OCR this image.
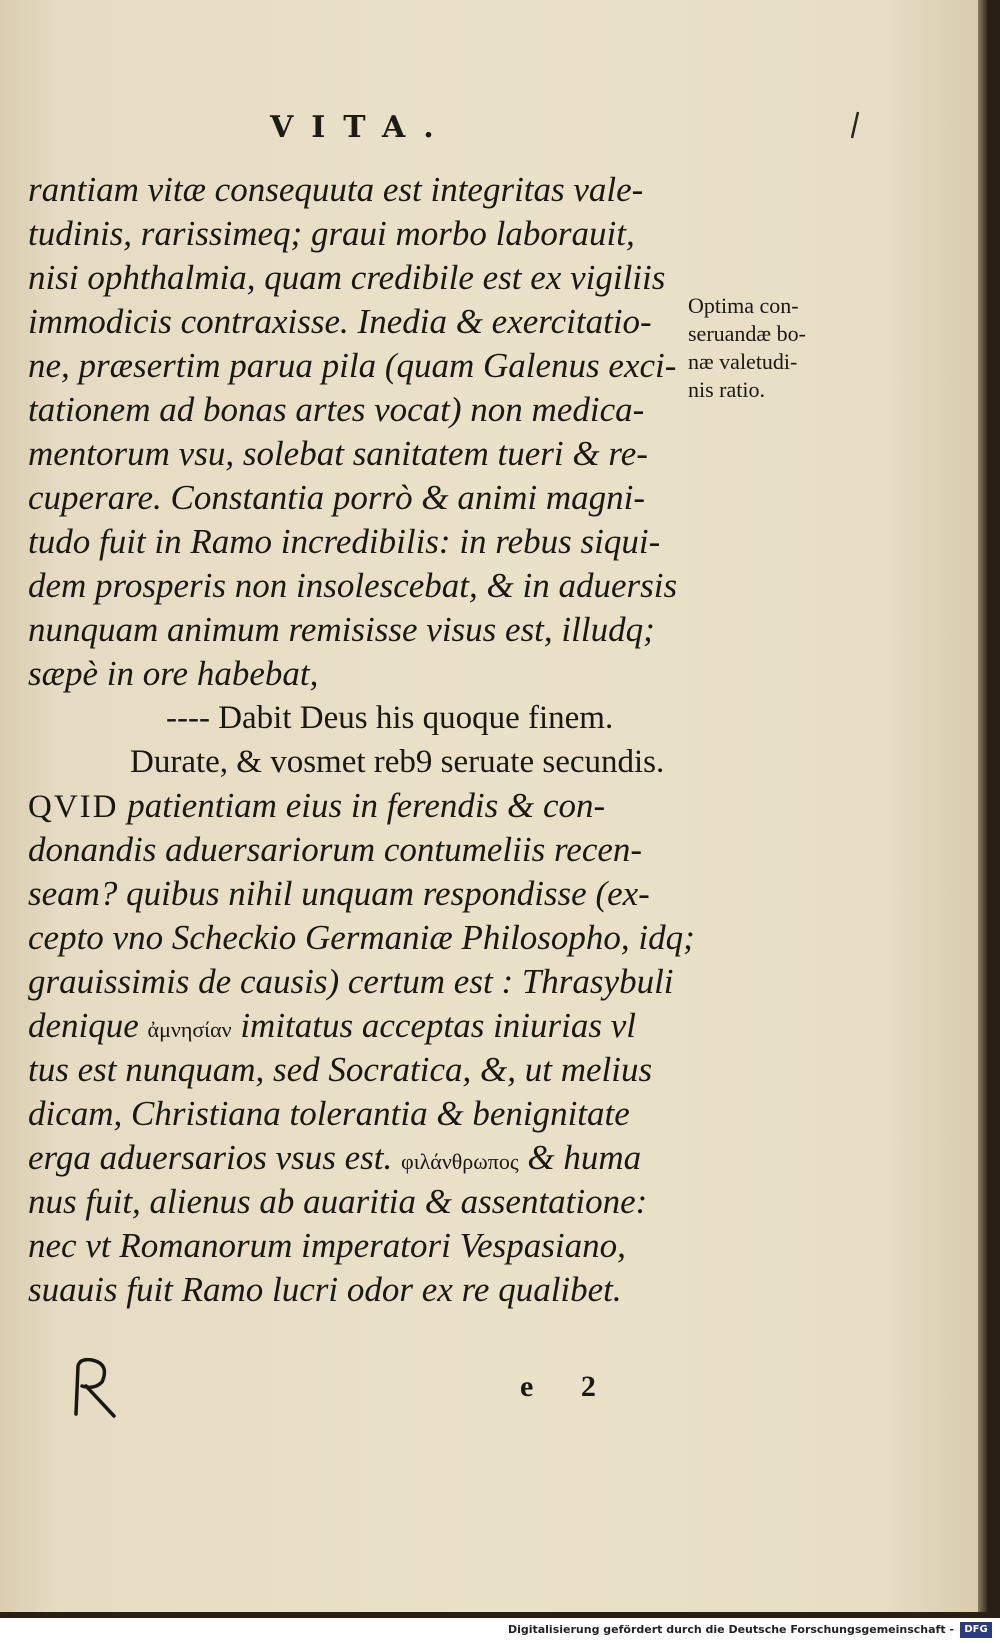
VITA.
rantiam vitæ consequuta est integritas vale-
tudinis, rarissimeq; graui morbo laborauit,
nisi ophthalmia, quam credibile est ex vigiliis
immodicis contraxisse. Inedia & exercitatio-
ne, præsertim parua pila (quam Galenus exci-
tationem ad bonas artes vocat) non medica-
mentorum vsu, solebat sanitatem tueri & re-
cuperare. Constantia porrò & animi magni-
tudo fuit in Ramo incredibilis: in rebus siqui-
dem prosperis non insolescebat, & in aduersis
nunquam animum remisisse visus est, illudq;
sæpè in ore habebat,
---- Dabit Deus his quoque finem.
Durate, & vosmet reb9 seruate secundis.
QVID patientiam eius in ferendis & con-
donandis aduersariorum contumeliis recen-
seam? quibus nihil unquam respondisse (ex-
cepto vno Scheckio Germaniæ Philosopho, idq;
grauissimis de causis) certum est : Thrasybuli
denique ἀμνησίαν imitatus acceptas iniurias vl
tus est nunquam, sed Socratica, &, ut melius
dicam, Christiana tolerantia & benignitate
erga aduersarios vsus est. φιλάνθρωπος & huma
nus fuit, alienus ab auaritia & assentatione:
nec vt Romanorum imperatori Vespasiano,
suauis fuit Ramo lucri odor ex re qualibet.
Optima con-
seruandæ bo-
næ valetudi-
nis ratio.
e 2
Digitalisierung gefördert durch die Deutsche Forschungsgemeinschaft -	DFG
